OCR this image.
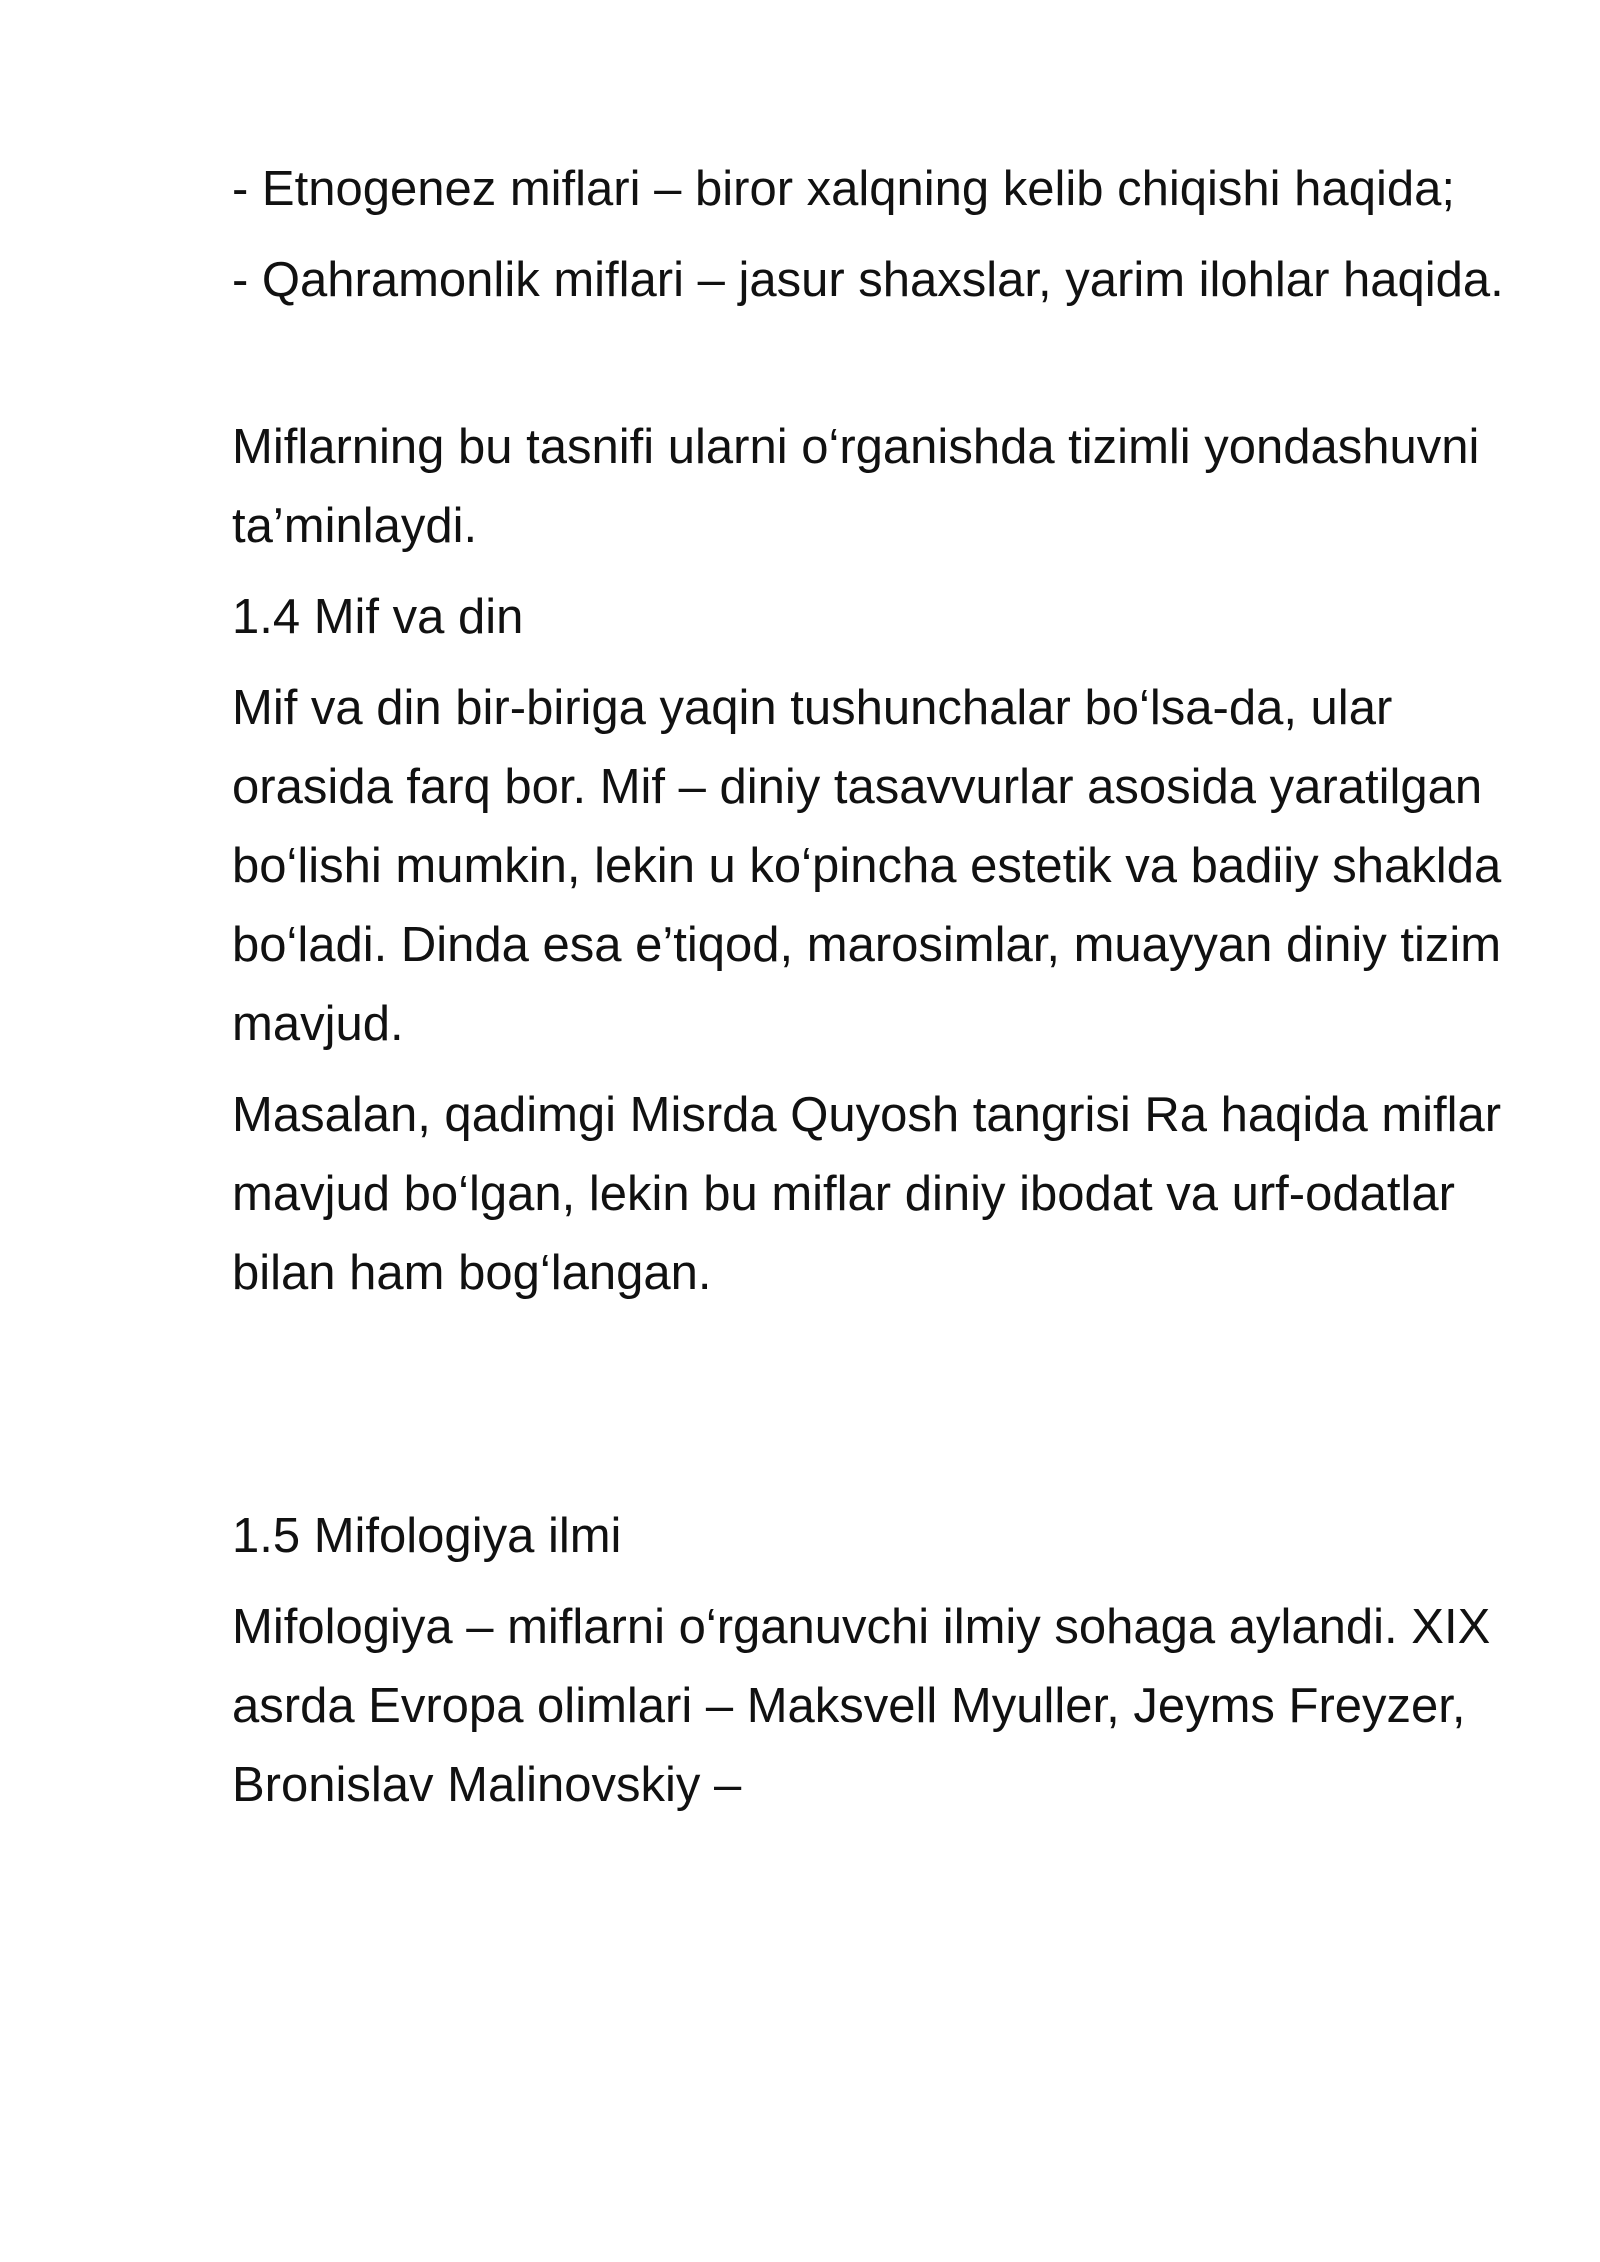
- Etnogenez miflari – biror xalqning kelib chiqishi haqida;

- Qahramonlik miflari – jasur shaxslar, yarim ilohlar haqida.

Miflarning bu tasnifi ularni o‘rganishda tizimli yondashuvni ta’minlaydi.

1.4 Mif va din

Mif va din bir-biriga yaqin tushunchalar bo‘lsa-da, ular orasida farq bor. Mif – diniy tasavvurlar asosida yaratilgan bo‘lishi mumkin, lekin u ko‘pincha estetik va badiiy shaklda bo‘ladi. Dinda esa e’tiqod, marosimlar, muayyan diniy tizim mavjud.

Masalan, qadimgi Misrda Quyosh tangrisi Ra haqida miflar mavjud bo‘lgan, lekin bu miflar diniy ibodat va urf-odatlar bilan ham bog‘langan.

1.5 Mifologiya ilmi

Mifologiya – miflarni o‘rganuvchi ilmiy sohaga aylandi. XIX asrda Evropa olimlari – Maksvell Myuller, Jeyms Freyzer, Bronislav Malinovskiy –
